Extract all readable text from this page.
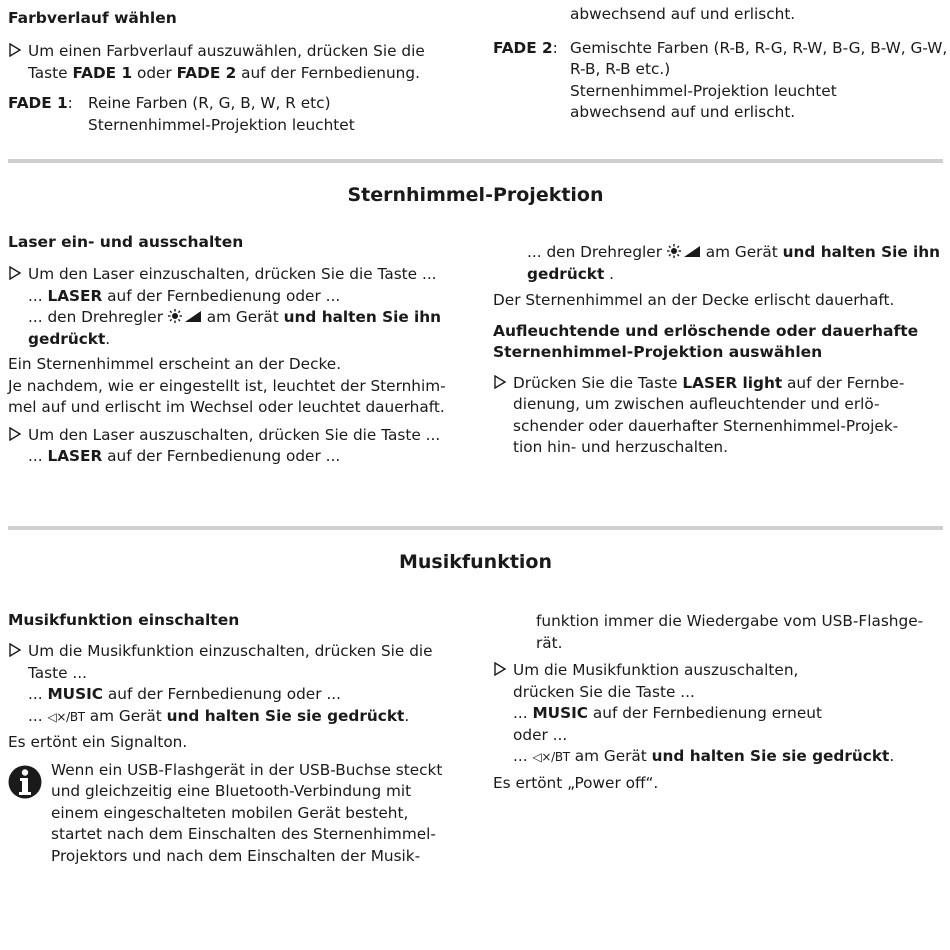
Farbverlauf wählen
Um einen Farbverlauf auszuwählen, drücken Sie die
Taste FADE 1 oder FADE 2 auf der Fernbedienung.
FADE 1: Reine Farben (R, G, B, W, R etc)
Sternenhimmel-Projektion leuchtet
abwechsend auf und erlischt.
FADE 2: Gemischte Farben (R-B, R-G, R-W, B-G, B-W, G-W,
R-B, R-B etc.)
Sternenhimmel-Projektion leuchtet
abwechsend auf und erlischt.
Sternhimmel-Projektion
Laser ein- und ausschalten
Um den Laser einzuschalten, drücken Sie die Taste ...
... LASER auf der Fernbedienung oder ...
... den Drehregler  am Gerät und halten Sie ihn
gedrückt.
Ein Sternenhimmel erscheint an der Decke.
Je nachdem, wie er eingestellt ist, leuchtet der Sternhim-
mel auf und erlischt im Wechsel oder leuchtet dauerhaft.
Um den Laser auszuschalten, drücken Sie die Taste ...
... LASER auf der Fernbedienung oder ...
... den Drehregler  am Gerät und halten Sie ihn
gedrückt .
Der Sternenhimmel an der Decke erlischt dauerhaft.
Aufleuchtende und erlöschende oder dauerhafte
Sternenhimmel-Projektion auswählen
Drücken Sie die Taste LASER light auf der Fernbe-
dienung, um zwischen aufleuchtender und erlö-
schender oder dauerhafter Sternenhimmel-Projek-
tion hin- und herzuschalten.
Musikfunktion
Musikfunktion einschalten
Um die Musikfunktion einzuschalten, drücken Sie die
Taste ...
... MUSIC auf der Fernbedienung oder ...
... ◁×/BT am Gerät und halten Sie sie gedrückt.
Es ertönt ein Signalton.
Wenn ein USB-Flashgerät in der USB-Buchse steckt
und gleichzeitig eine Bluetooth-Verbindung mit
einem eingeschalteten mobilen Gerät besteht,
startet nach dem Einschalten des Sternenhimmel-
Projektors und nach dem Einschalten der Musik-
funktion immer die Wiedergabe vom USB-Flashge-
rät.
Um die Musikfunktion auszuschalten,
drücken Sie die Taste ...
... MUSIC auf der Fernbedienung erneut
oder ...
... ◁×/BT am Gerät und halten Sie sie gedrückt.
Es ertönt „Power off“.
